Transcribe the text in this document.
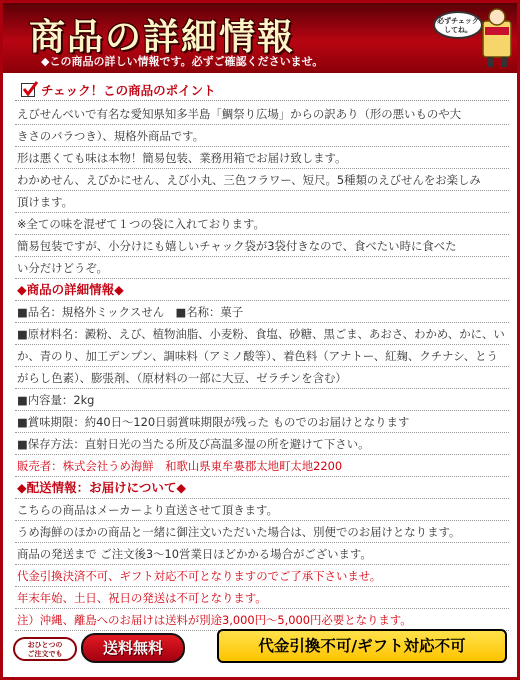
商品の詳細情報
◆この商品の詳しい情報です。必ずご確認くださいませ。
必ずチェック
してね。
チェック！この商品のポイント
えびせんべいで有名な愛知県知多半島「鯛祭り広場」からの訳あり（形の悪いものや大
きさのバラつき）、規格外商品です。
形は悪くても味は本物！簡易包装、業務用箱でお届け致します。
わかめせん、えびかにせん、えび小丸、三色フラワー、短尺。5種類のえびせんをお楽しみ
頂けます。
※全ての味を混ぜて１つの袋に入れております。
簡易包装ですが、小分けにも嬉しいチャック袋が3袋付きなので、食べたい時に食べた
い分だけどうぞ。
◆商品の詳細情報◆
■品名：規格外ミックスせん　■名称：菓子
■原材料名：澱粉、えび、植物油脂、小麦粉、食塩、砂糖、黒ごま、あおさ、わかめ、かに、い
か、青のり、加工デンプン、調味料（アミノ酸等）、着色料（アナトー、紅麹、クチナシ、とう
がらし色素）、膨張剤、（原材料の一部に大豆、ゼラチンを含む）
■内容量：2kg
■賞味期限：約40日～120日弱賞味期限が残った ものでのお届けとなります
■保存方法：直射日光の当たる所及び高温多湿の所を避けて下さい。
販売者：株式会社うめ海鮮　和歌山県東牟婁郡太地町太地2200
◆配送情報：お届けについて◆
こちらの商品はメーカーより直送させて頂きます。
うめ海鮮のほかの商品と一緒に御注文いただいた場合は、別便でのお届けとなります。
商品の発送まで ご注文後3～10営業日ほどかかる場合がございます。
代金引換決済不可、ギフト対応不可となりますのでご了承下さいませ。
年末年始、土日、祝日の発送は不可となります。
注）沖縄、離島へのお届けは送料が別途3,000円～5,000円必要となります。
おひとつの
ご注文でも	送料無料	代金引換不可/ギフト対応不可
